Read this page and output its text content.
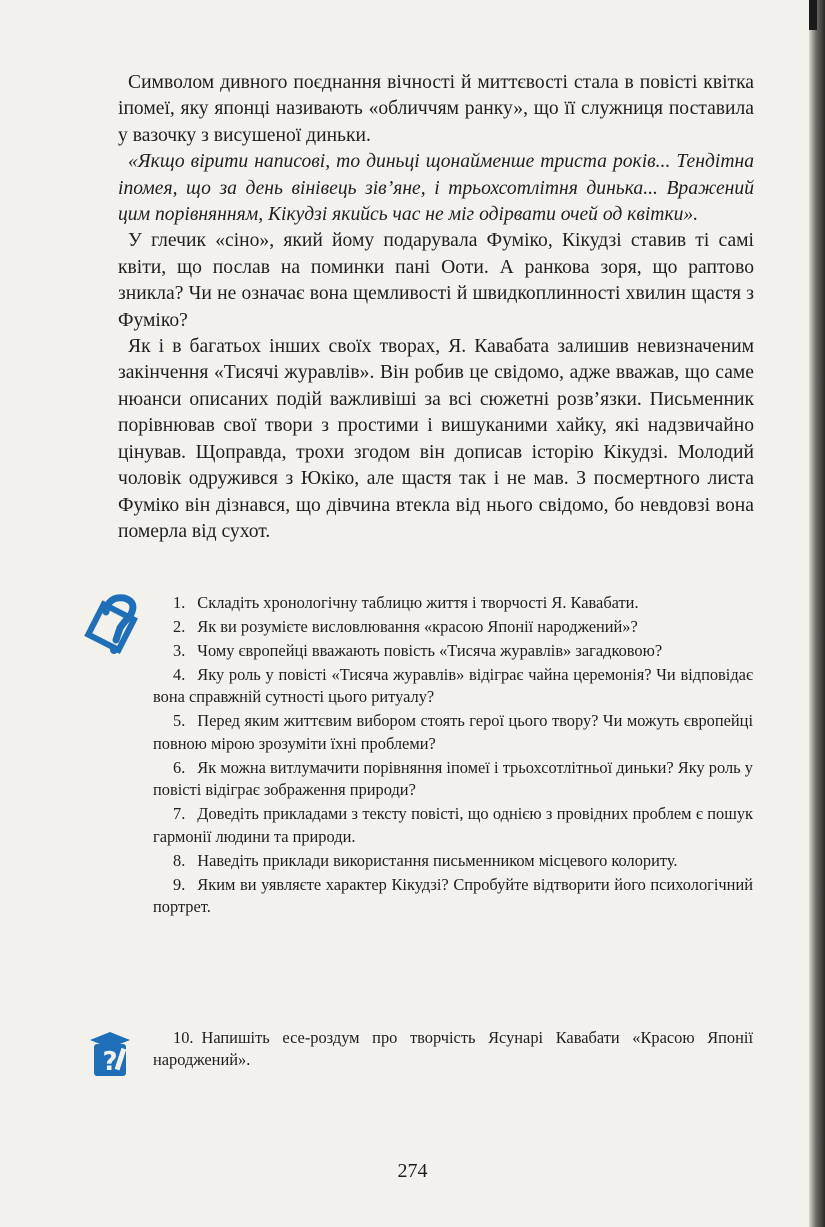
Символом дивного поєднання вічності й миттєвості стала в повісті квітка іпомеї, яку японці називають «обличчям ранку», що її служниця поставила у вазочку з висушеної диньки.

«Якщо вірити написові, то диньці щонайменше триста років... Тендітна іпомея, що за день вінівець зів’яне, і трьохсотлітня динька... Вражений цим порівнянням, Кікудзі якийсь час не міг одірвати очей од квітки».

У глечик «сіно», який йому подарувала Фуміко, Кікудзі ставив ті самі квіти, що послав на поминки пані Ооти. А ранкова зоря, що раптово зникла? Чи не означає вона щемливості й швидкоплинності хвилин щастя з Фуміко?

Як і в багатьох інших своїх творах, Я. Кавабата залишив невизначеним закінчення «Тисячі журавлів». Він робив це свідомо, адже вважав, що саме нюанси описаних подій важливіші за всі сюжетні розв’язки. Письменник порівнював свої твори з простими і вишуканими хайку, які надзвичайно цінував. Щоправда, трохи згодом він дописав історію Кікудзі. Молодий чоловік одружився з Юкіко, але щастя так і не мав. З посмертного листа Фуміко він дізнався, що дівчина втекла від нього свідомо, бо невдовзі вона померла від сухот.

1. Складіть хронологічну таблицю життя і творчості Я. Кавабати.

2. Як ви розумієте висловлювання «красою Японії народжений»?

3. Чому європейці вважають повість «Тисяча журавлів» загадковою?

4. Яку роль у повісті «Тисяча журавлів» відіграє чайна церемонія? Чи відповідає вона справжній сутності цього ритуалу?

5. Перед яким життєвим вибором стоять герої цього твору? Чи можуть європейці повною мірою зрозуміти їхні проблеми?

6. Як можна витлумачити порівняння іпомеї і трьохсотлітньої диньки? Яку роль у повісті відіграє зображення природи?

7. Доведіть прикладами з тексту повісті, що однією з провідних проблем є пошук гармонії людини та природи.

8. Наведіть приклади використання письменником місцевого колориту.

9. Яким ви уявляєте характер Кікудзі? Спробуйте відтворити його психологічний портрет.

?

10. Напишіть есе-роздум про творчість Ясунарі Кавабати «Красою Японії народжений».

274
